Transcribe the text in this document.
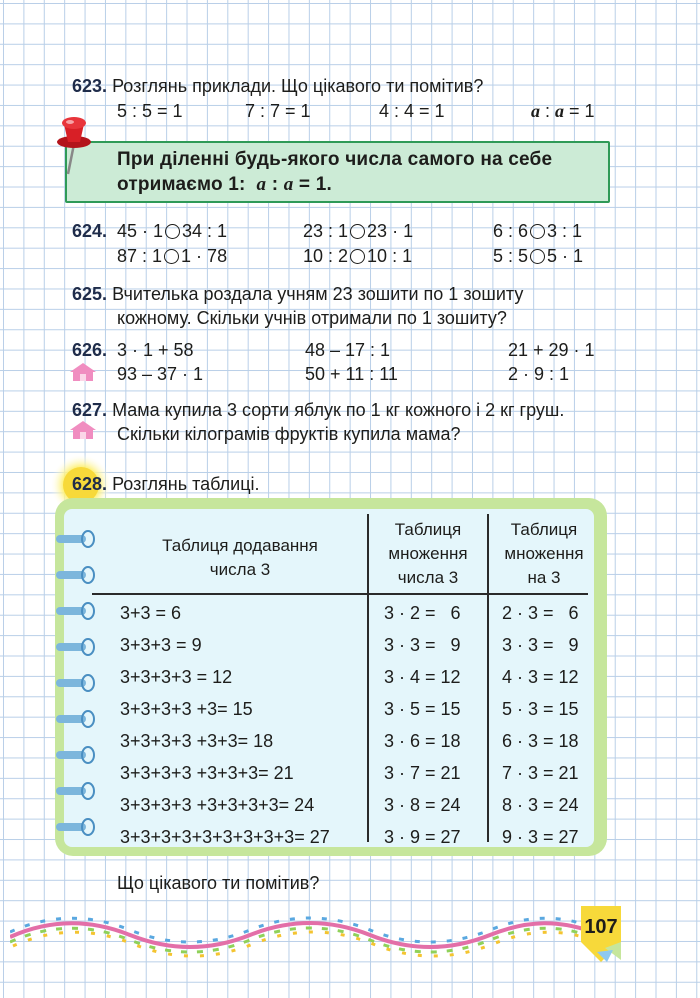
623. Розглянь приклади. Що цікавого ти помітив?
5 : 5 = 1	7 : 7 = 1	4 : 4 = 1	a : a = 1
При діленні будь-якого числа самого на себе
отримаємо 1: a : a = 1.
624. 45 · 1 34 : 1	23 : 1 23 · 1	6 : 6 3 : 1
87 : 1 1 · 78	10 : 2 10 : 1	5 : 5 5 · 1
625. Вчителька роздала учням 23 зошити по 1 зошиту
кожному. Скільки учнів отримали по 1 зошиту?
626. 3 · 1 + 58	48 – 17 : 1	21 + 29 · 1
93 – 37 · 1	50 + 11 : 11	2 · 9 : 1
627. Мама купила 3 сорти яблук по 1 кг кожного і 2 кг груш.
Скільки кілограмів фруктів купила мама?
628. Розглянь таблиці.
Таблиця додавання
числа 3
Таблиця
множення
числа 3
Таблиця
множення
на 3
3+3 = 6	3 · 2 =   6 2 · 3 =   6
3+3+3 = 9	3 · 3 =   9 3 · 3 =   9
3+3+3+3 = 12	3 · 4 = 12 4 · 3 = 12
3+3+3+3 +3= 15	3 · 5 = 15 5 · 3 = 15
3+3+3+3 +3+3= 18	3 · 6 = 18 6 · 3 = 18
3+3+3+3 +3+3+3= 21	3 · 7 = 21 7 · 3 = 21
3+3+3+3 +3+3+3+3= 24	3 · 8 = 24 8 · 3 = 24
3+3+3+3+3+3+3+3+3= 27	3 · 9 = 27 9 · 3 = 27
Що цікавого ти помітив?
107
